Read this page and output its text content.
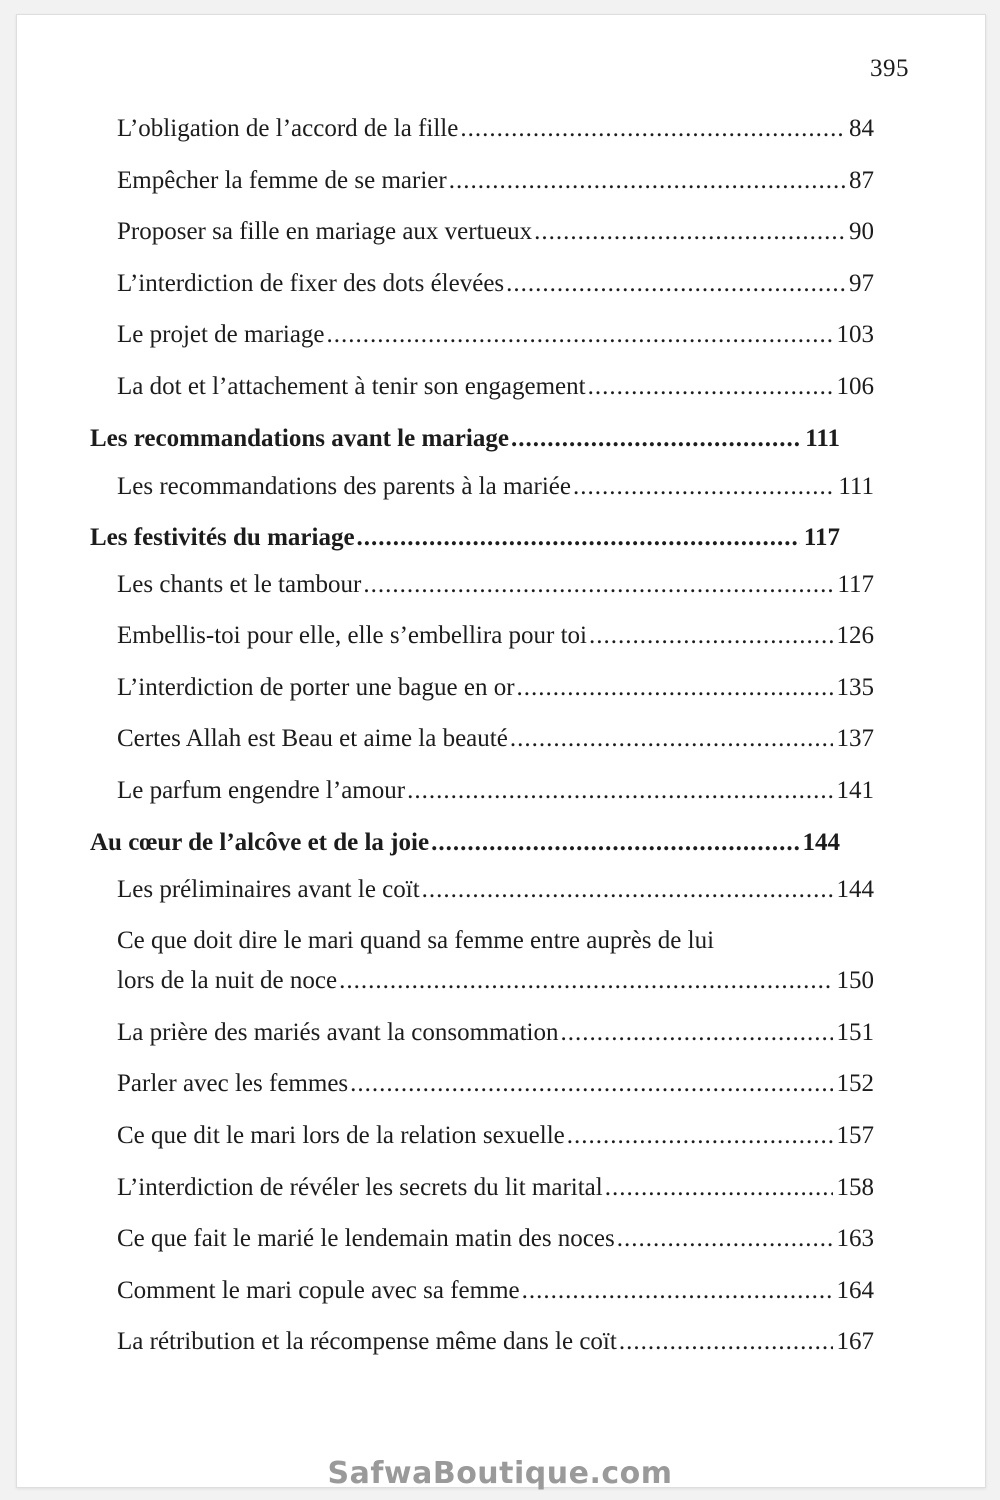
395
L’obligation de l’accord de la fille .....	84
Empêcher la femme de se marier .....	87
Proposer sa fille en mariage aux vertueux .....	90
L’interdiction de fixer des dots élevées .....	97
Le projet de mariage .....	103
La dot et l’attachement à tenir son engagement .....	106
Les recommandations avant le mariage .....	111
Les recommandations des parents à la mariée .....	111
Les festivités du mariage .....	117
Les chants et le tambour .....	117
Embellis-toi pour elle, elle s’embellira pour toi .....	126
L’interdiction de porter une bague en or .....	135
Certes Allah est Beau et aime la beauté .....	137
Le parfum engendre l’amour .....	141
Au cœur de l’alcôve et de la joie .....	144
Les préliminaires avant le coït .....	144
Ce que doit dire le mari quand sa femme entre auprès de lui
lors de la nuit de noce .....	150
La prière des mariés avant la consommation .....	151
Parler avec les femmes .....	152
Ce que dit le mari lors de la relation sexuelle .....	157
L’interdiction de révéler les secrets du lit marital .....	158
Ce que fait le marié le lendemain matin des noces .....	163
Comment le mari copule avec sa femme .....	164
La rétribution et la récompense même dans le coït .....	167
SafwaBoutique.com
